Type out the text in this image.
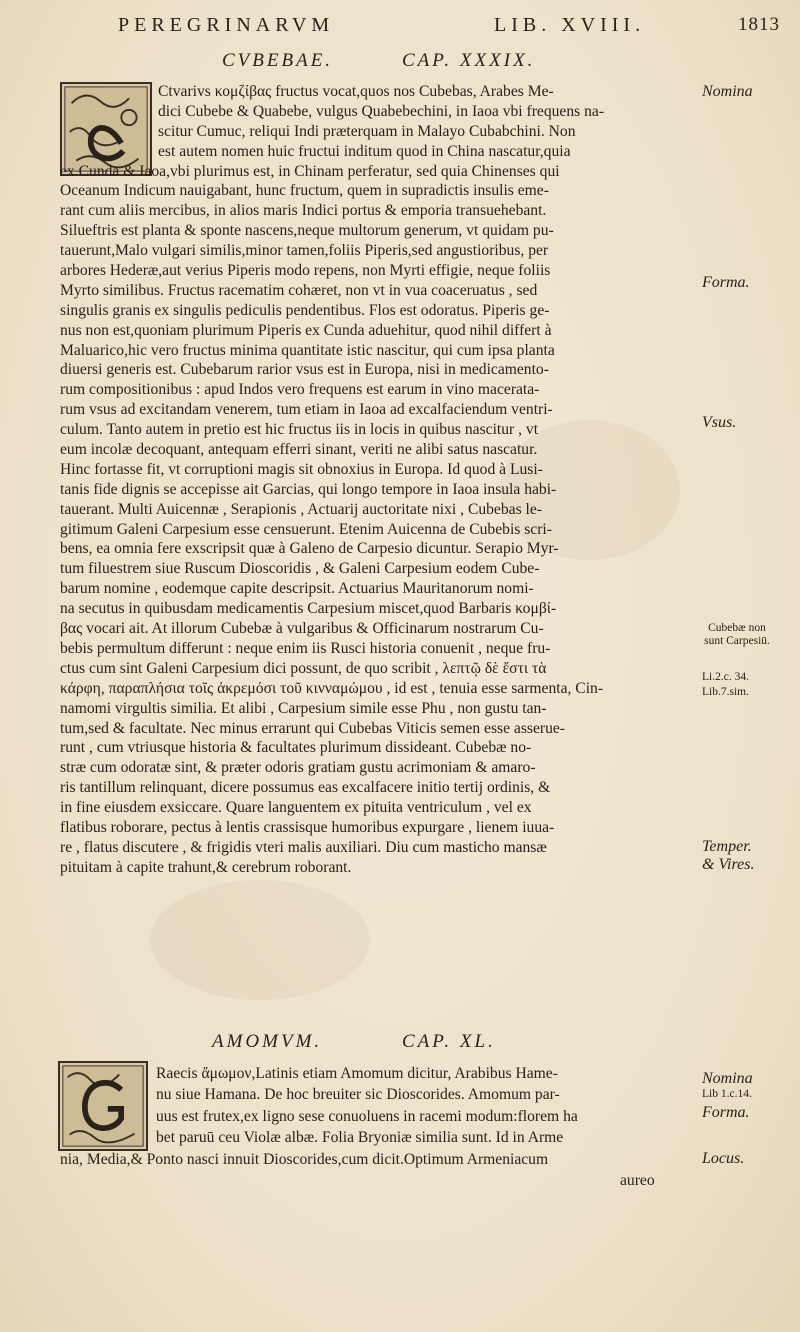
PEREGRINARVM	LIB. XVIII.	1813
CVBEBAE.	CAP. XXXIX.
Ctvarivs κομζίβας fructus vocat,quos nos Cubebas, Arabes Me-
dici Cubebe & Quabebe, vulgus Quabebechini, in Iaoa vbi frequens na-
scitur Cumuc, reliqui Indi præterquam in Malayo Cubabchini. Non
est autem nomen huic fructui inditum quod in China nascatur,quia
ex Cunda & Iaoa,vbi plurimus est, in Chinam perferatur, sed quia Chinenses qui
Oceanum Indicum nauigabant, hunc fructum, quem in supradictis insulis eme-
rant cum aliis mercibus, in alios maris Indici portus & emporia transuehebant.
Silueftris est planta & sponte nascens,neque multorum generum, vt quidam pu-
tauerunt,Malo vulgari similis,minor tamen,foliis Piperis,sed angustioribus, per
arbores Hederæ,aut verius Piperis modo repens, non Myrti effigie, neque foliis
Myrto similibus. Fructus racematim cohæret, non vt in vua coaceruatus , sed
singulis granis ex singulis pediculis pendentibus. Flos est odoratus. Piperis ge-
nus non est,quoniam plurimum Piperis ex Cunda aduehitur, quod nihil differt à
Maluarico,hic vero fructus minima quantitate istic nascitur, qui cum ipsa planta
diuersi generis est. Cubebarum rarior vsus est in Europa, nisi in medicamento-
rum compositionibus : apud Indos vero frequens est earum in vino macerata-
rum vsus ad excitandam venerem, tum etiam in Iaoa ad excalfaciendum ventri-
culum. Tanto autem in pretio est hic fructus iis in locis in quibus nascitur , vt
eum incolæ decoquant, antequam efferri sinant, veriti ne alibi satus nascatur.
Hinc fortasse fit, vt corruptioni magis sit obnoxius in Europa. Id quod à Lusi-
tanis fide dignis se accepisse ait Garcias, qui longo tempore in Iaoa insula habi-
tauerant. Multi Auicennæ , Serapionis , Actuarij auctoritate nixi , Cubebas le-
gitimum Galeni Carpesium esse censuerunt. Etenim Auicenna de Cubebis scri-
bens, ea omnia fere exscripsit quæ à Galeno de Carpesio dicuntur. Serapio Myr-
tum filuestrem siue Ruscum Dioscoridis , & Galeni Carpesium eodem Cube-
barum nomine , eodemque capite descripsit. Actuarius Mauritanorum nomi-
na secutus in quibusdam medicamentis Carpesium miscet,quod Barbaris κομβί-
βας vocari ait. At illorum Cubebæ à vulgaribus & Officinarum nostrarum Cu-
bebis permultum differunt : neque enim iis Rusci historia conuenit , neque fru-
ctus cum sint Galeni Carpesium dici possunt, de quo scribit , λεπτῷ δὲ ἔστι τὰ
κάρφη, παραπλήσια τοῖς ἀκρεμόσι τοῦ κινναμώμου , id est , tenuia esse sarmenta, Cin-
namomi virgultis similia. Et alibi , Carpesium simile esse Phu , non gustu tan-
tum,sed & facultate. Nec minus errarunt qui Cubebas Viticis semen esse asserue-
runt , cum vtriusque historia & facultates plurimum dissideant. Cubebæ no-
stræ cum odoratæ sint, & præter odoris gratiam gustu acrimoniam & amaro-
ris tantillum relinquant, dicere possumus eas excalfacere initio tertij ordinis, &
in fine eiusdem exsiccare. Quare languentem ex pituita ventriculum , vel ex
flatibus roborare, pectus à lentis crassisque humoribus expurgare , lienem iuua-
re , flatus discutere , & frigidis vteri malis auxiliari. Diu cum masticho mansæ
pituitam à capite trahunt,& cerebrum roborant.
Nomina
Forma.
Vsus.
Cubebæ non sunt Carpesiū.
Li.2.c. 34.
Lib.7.sim.
Temper.
& Vires.
AMOMVM.	CAP. XL.
Raecis ἄμωμον,Latinis etiam Amomum dicitur, Arabibus Hame-
nu siue Hamana. De hoc breuiter sic Dioscorides. Amomum par-
uus est frutex,ex ligno sese conuoluens in racemi modum:florem ha
bet paruū ceu Violæ albæ. Folia Bryoniæ similia sunt. Id in Arme
nia, Media,& Ponto nasci innuit Dioscorides,cum dicit.Optimum Armeniacum
aureo
Nomina
Lib 1.c.14.
Forma.
Locus.
